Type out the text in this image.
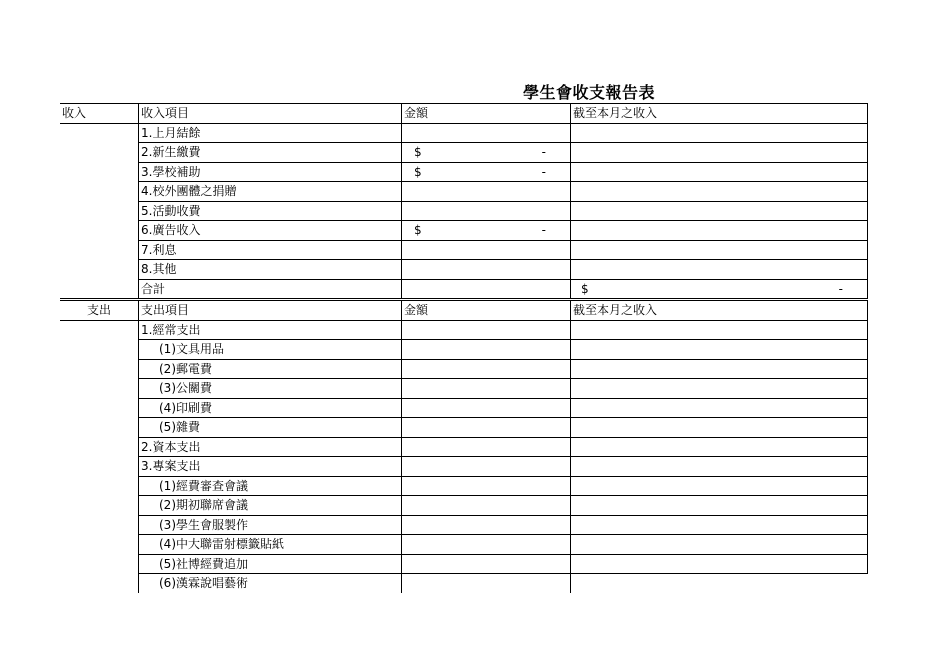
學生會收支報告表
收入	收入項目	金額	截至本月之收入
	1.上月結餘		
	2.新生繳費	$ -	

	3.學校補助	$ -	

	4.校外團體之捐贈		
	5.活動收費		
	6.廣告收入	$ -	

	7.利息		
	8.其他		
	合計		$ -

支出	支出項目	金額	截至本月之收入
	1.經常支出		
	(1)文具用品		
	(2)郵電費		
	(3)公關費		
	(4)印刷費		
	(5)雜費		
	2.資本支出		
	3.專案支出		
	(1)經費審查會議		
	(2)期初聯席會議		
	(3)學生會服製作		
	(4)中大聯雷射標籤貼紙		
	(5)社博經費追加		
	(6)漢霖說唱藝術		
